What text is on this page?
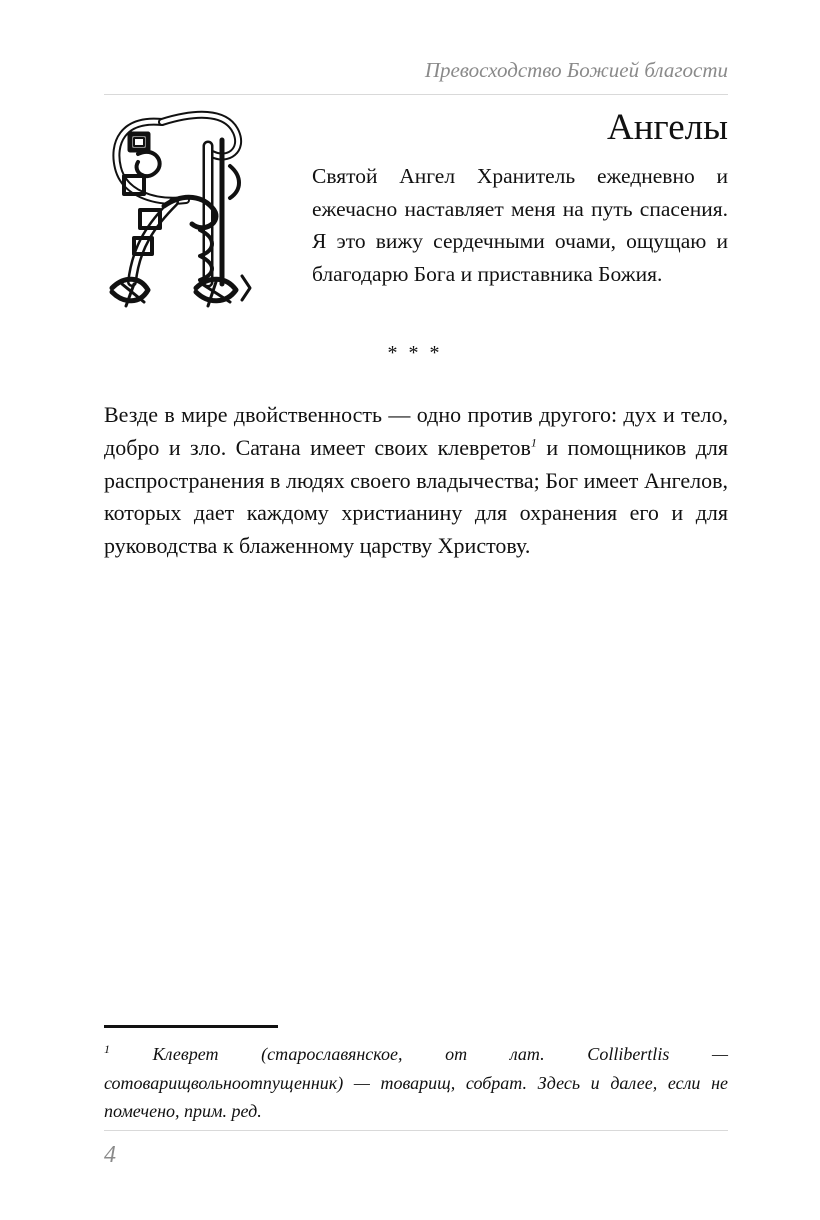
Превосходство Божией благости
Ангелы

Святой Ангел Хранитель ежедневно и ежечасно наставляет меня на путь спасения. Я это вижу сердечными очами, ощущаю и благодарю Бога и приставника Божия.

* * *

Везде в мире двойственность — одно против другого: дух и тело, добро и зло. Сатана имеет своих клевретов$^1$ и помощников для распространения в людях своего владычества; Бог имеет Ангелов, которых дает каждому христианину для охранения его и для руководства к блаженному царству Христову.

$^1$ Клеврет (старославянское, от лат. Collibertlis — сотоварищвольноотпущенник) — товарищ, собрат. Здесь и далее, если не помечено, прим. ред.

4
